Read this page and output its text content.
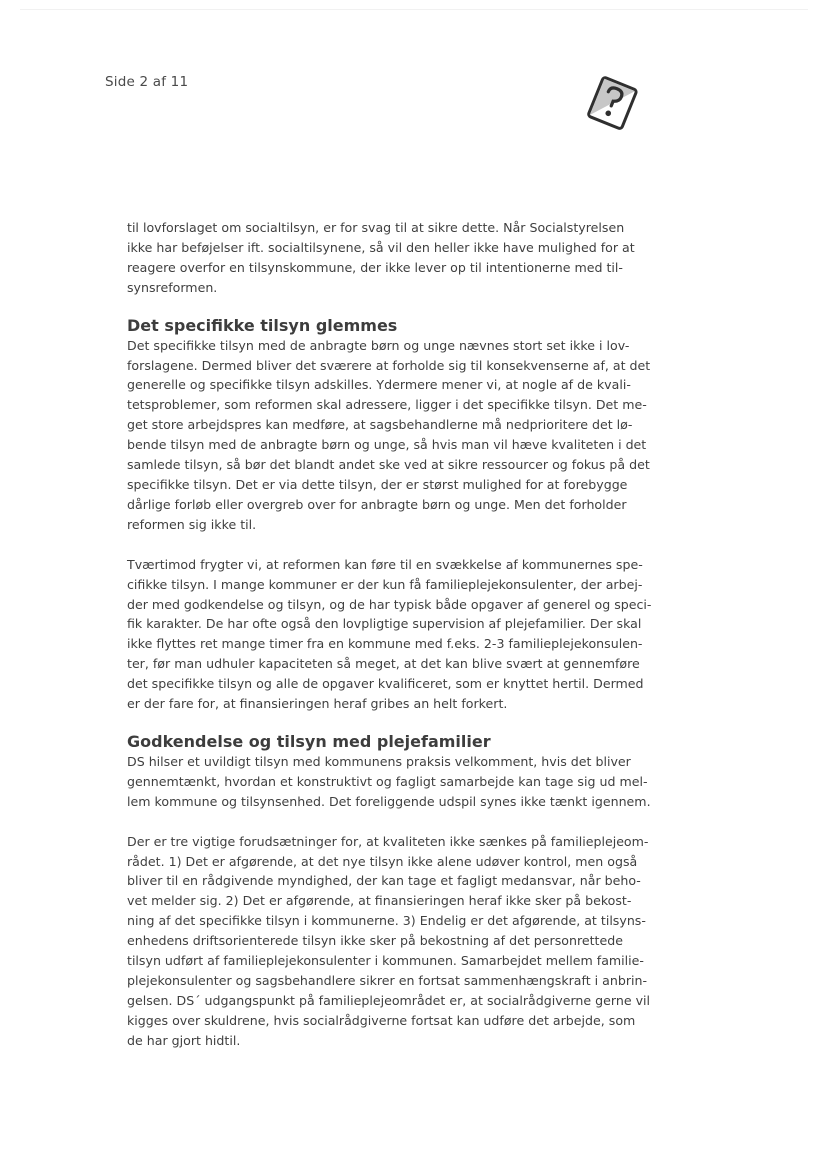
Side 2 af 11

til lovforslaget om socialtilsyn, er for svag til at sikre dette. Når Socialstyrelsen
ikke har beføjelser ift. socialtilsynene, så vil den heller ikke have mulighed for at
reagere overfor en tilsynskommune, der ikke lever op til intentionerne med til-
synsreformen.

Det specifikke tilsyn glemmes

Det specifikke tilsyn med de anbragte børn og unge nævnes stort set ikke i lov-
forslagene. Dermed bliver det sværere at forholde sig til konsekvenserne af, at det
generelle og specifikke tilsyn adskilles. Ydermere mener vi, at nogle af de kvali-
tetsproblemer, som reformen skal adressere, ligger i det specifikke tilsyn. Det me-
get store arbejdspres kan medføre, at sagsbehandlerne må nedprioritere det lø-
bende tilsyn med de anbragte børn og unge, så hvis man vil hæve kvaliteten i det
samlede tilsyn, så bør det blandt andet ske ved at sikre ressourcer og fokus på det
specifikke tilsyn. Det er via dette tilsyn, der er størst mulighed for at forebygge
dårlige forløb eller overgreb over for anbragte børn og unge. Men det forholder
reformen sig ikke til.

Tværtimod frygter vi, at reformen kan føre til en svækkelse af kommunernes spe-
cifikke tilsyn. I mange kommuner er der kun få familieplejekonsulenter, der arbej-
der med godkendelse og tilsyn, og de har typisk både opgaver af generel og speci-
fik karakter. De har ofte også den lovpligtige supervision af plejefamilier. Der skal
ikke flyttes ret mange timer fra en kommune med f.eks. 2-3 familieplejekonsulen-
ter, før man udhuler kapaciteten så meget, at det kan blive svært at gennemføre
det specifikke tilsyn og alle de opgaver kvalificeret, som er knyttet hertil. Dermed
er der fare for, at finansieringen heraf gribes an helt forkert.

Godkendelse og tilsyn med plejefamilier

DS hilser et uvildigt tilsyn med kommunens praksis velkomment, hvis det bliver
gennemtænkt, hvordan et konstruktivt og fagligt samarbejde kan tage sig ud mel-
lem kommune og tilsynsenhed. Det foreliggende udspil synes ikke tænkt igennem.

Der er tre vigtige forudsætninger for, at kvaliteten ikke sænkes på familieplejeom-
rådet. 1) Det er afgørende, at det nye tilsyn ikke alene udøver kontrol, men også
bliver til en rådgivende myndighed, der kan tage et fagligt medansvar, når beho-
vet melder sig. 2) Det er afgørende, at finansieringen heraf ikke sker på bekost-
ning af det specifikke tilsyn i kommunerne. 3) Endelig er det afgørende, at tilsyns-
enhedens driftsorienterede tilsyn ikke sker på bekostning af det personrettede
tilsyn udført af familieplejekonsulenter i kommunen. Samarbejdet mellem familie-
plejekonsulenter og sagsbehandlere sikrer en fortsat sammenhængskraft i anbrin-
gelsen. DS´ udgangspunkt på familieplejeområdet er, at socialrådgiverne gerne vil
kigges over skuldrene, hvis socialrådgiverne fortsat kan udføre det arbejde, som
de har gjort hidtil.
